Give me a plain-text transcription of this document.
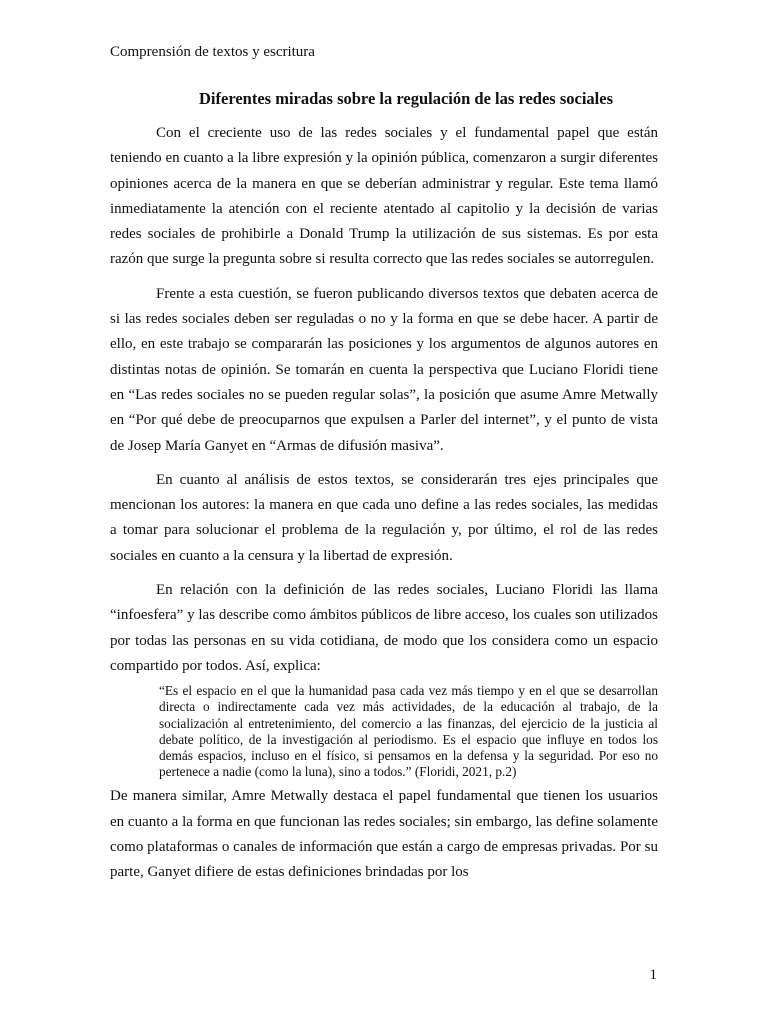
Comprensión de textos y escritura
Diferentes miradas sobre la regulación de las redes sociales

Con el creciente uso de las redes sociales y el fundamental papel que están teniendo en cuanto a la libre expresión y la opinión pública, comenzaron a surgir diferentes opiniones acerca de la manera en que se deberían administrar y regular. Este tema llamó inmediatamente la atención con el reciente atentado al capitolio y la decisión de varias redes sociales de prohibirle a Donald Trump la utilización de sus sistemas. Es por esta razón que surge la pregunta sobre si resulta correcto que las redes sociales se autorregulen.

Frente a esta cuestión, se fueron publicando diversos textos que debaten acerca de si las redes sociales deben ser reguladas o no y la forma en que se debe hacer. A partir de ello, en este trabajo se compararán las posiciones y los argumentos de algunos autores en distintas notas de opinión. Se tomarán en cuenta la perspectiva que Luciano Floridi tiene en “Las redes sociales no se pueden regular solas”, la posición que asume Amre Metwally en “Por qué debe de preocuparnos que expulsen a Parler del internet”, y el punto de vista de Josep María Ganyet en “Armas de difusión masiva”.

En cuanto al análisis de estos textos, se considerarán tres ejes principales que mencionan los autores: la manera en que cada uno define a las redes sociales, las medidas a tomar para solucionar el problema de la regulación y, por último, el rol de las redes sociales en cuanto a la censura y la libertad de expresión.

En relación con la definición de las redes sociales, Luciano Floridi las llama “infoesfera” y las describe como ámbitos públicos de libre acceso, los cuales son utilizados por todas las personas en su vida cotidiana, de modo que los considera como un espacio compartido por todos. Así, explica:

“Es el espacio en el que la humanidad pasa cada vez más tiempo y en el que se desarrollan directa o indirectamente cada vez más actividades, de la educación al trabajo, de la socialización al entretenimiento, del comercio a las finanzas, del ejercicio de la justicia al debate político, de la investigación al periodismo. Es el espacio que influye en todos los demás espacios, incluso en el físico, si pensamos en la defensa y la seguridad. Por eso no pertenece a nadie (como la luna), sino a todos.” (Floridi, 2021, p.2)

De manera similar, Amre Metwally destaca el papel fundamental que tienen los usuarios en cuanto a la forma en que funcionan las redes sociales; sin embargo, las define solamente como plataformas o canales de información que están a cargo de empresas privadas. Por su parte, Ganyet difiere de estas definiciones brindadas por los

1
